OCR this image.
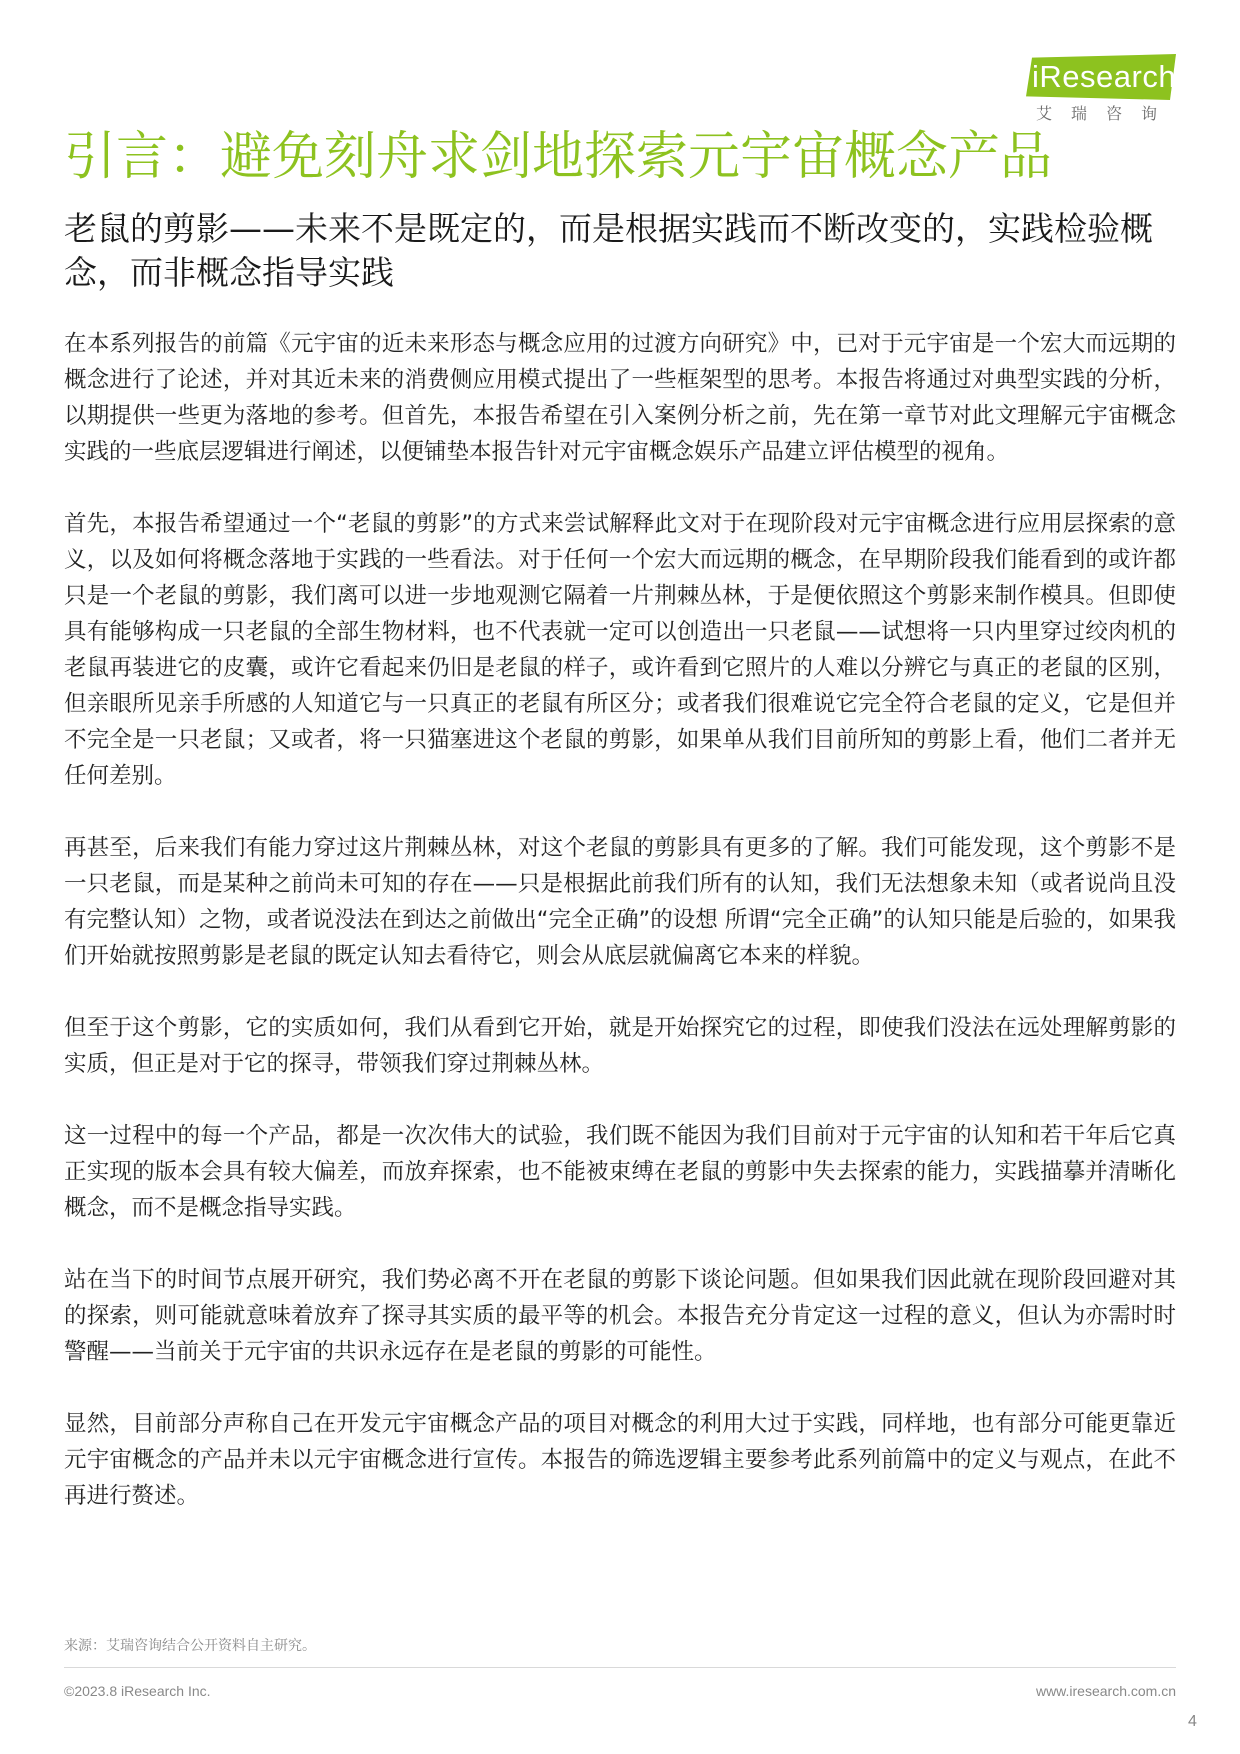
iResearch
艾瑞咨询
引言：避免刻舟求剑地探索元宇宙概念产品
老鼠的剪影——未来不是既定的，而是根据实践而不断改变的，实践检验概念，而非概念指导实践

在本系列报告的前篇《元宇宙的近未来形态与概念应用的过渡方向研究》中，已对于元宇宙是一个宏大而远期的概念进行了论述，并对其近未来的消费侧应用模式提出了一些框架型的思考。本报告将通过对典型实践的分析，以期提供一些更为落地的参考。但首先，本报告希望在引入案例分析之前，先在第一章节对此文理解元宇宙概念实践的一些底层逻辑进行阐述，以便铺垫本报告针对元宇宙概念娱乐产品建立评估模型的视角。

首先，本报告希望通过一个“老鼠的剪影”的方式来尝试解释此文对于在现阶段对元宇宙概念进行应用层探索的意义，以及如何将概念落地于实践的一些看法。对于任何一个宏大而远期的概念，在早期阶段我们能看到的或许都只是一个老鼠的剪影，我们离可以进一步地观测它隔着一片荆棘丛林，于是便依照这个剪影来制作模具。但即使具有能够构成一只老鼠的全部生物材料，也不代表就一定可以创造出一只老鼠——试想将一只内里穿过绞肉机的老鼠再装进它的皮囊，或许它看起来仍旧是老鼠的样子，或许看到它照片的人难以分辨它与真正的老鼠的区别，但亲眼所见亲手所感的人知道它与一只真正的老鼠有所区分；或者我们很难说它完全符合老鼠的定义，它是但并不完全是一只老鼠；又或者，将一只猫塞进这个老鼠的剪影，如果单从我们目前所知的剪影上看，他们二者并无任何差别。

再甚至，后来我们有能力穿过这片荆棘丛林，对这个老鼠的剪影具有更多的了解。我们可能发现，这个剪影不是一只老鼠，而是某种之前尚未可知的存在——只是根据此前我们所有的认知，我们无法想象未知（或者说尚且没有完整认知）之物，或者说没法在到达之前做出“完全正确”的设想 所谓“完全正确”的认知只能是后验的，如果我们开始就按照剪影是老鼠的既定认知去看待它，则会从底层就偏离它本来的样貌。

但至于这个剪影，它的实质如何，我们从看到它开始，就是开始探究它的过程，即使我们没法在远处理解剪影的实质，但正是对于它的探寻，带领我们穿过荆棘丛林。

这一过程中的每一个产品，都是一次次伟大的试验，我们既不能因为我们目前对于元宇宙的认知和若干年后它真正实现的版本会具有较大偏差，而放弃探索，也不能被束缚在老鼠的剪影中失去探索的能力，实践描摹并清晰化概念，而不是概念指导实践。

站在当下的时间节点展开研究，我们势必离不开在老鼠的剪影下谈论问题。但如果我们因此就在现阶段回避对其的探索，则可能就意味着放弃了探寻其实质的最平等的机会。本报告充分肯定这一过程的意义，但认为亦需时时警醒——当前关于元宇宙的共识永远存在是老鼠的剪影的可能性。

显然，目前部分声称自己在开发元宇宙概念产品的项目对概念的利用大过于实践，同样地，也有部分可能更靠近元宇宙概念的产品并未以元宇宙概念进行宣传。本报告的筛选逻辑主要参考此系列前篇中的定义与观点，在此不再进行赘述。

来源：艾瑞咨询结合公开资料自主研究。
©2023.8 iResearch Inc.	www.iresearch.com.cn
4
